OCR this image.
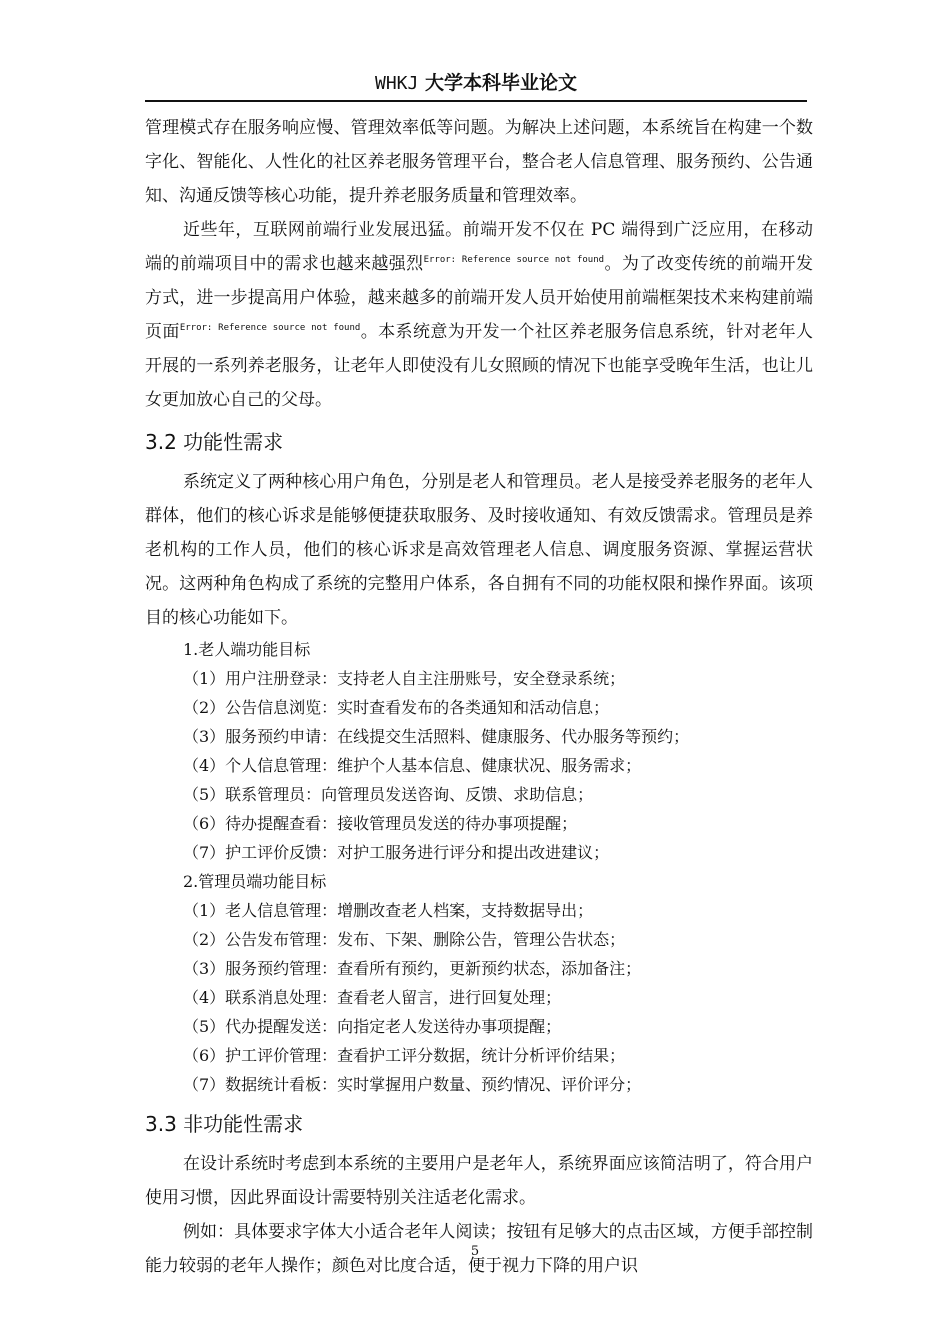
WHKJ 大学本科毕业论文

管理模式存在服务响应慢、管理效率低等问题。为解决上述问题，本系统旨在构建一个数字化、智能化、人性化的社区养老服务管理平台，整合老人信息管理、服务预约、公告通知、沟通反馈等核心功能，提升养老服务质量和管理效率。

近些年，互联网前端行业发展迅猛。前端开发不仅在 PC 端得到广泛应用，在移动端的前端项目中的需求也越来越强烈$^{Error: Reference source not found}$。为了改变传统的前端开发方式，进一步提高用户体验，越来越多的前端开发人员开始使用前端框架技术来构建前端页面$^{Error: Reference source not found}$。本系统意为开发一个社区养老服务信息系统，针对老年人开展的一系列养老服务，让老年人即使没有儿女照顾的情况下也能享受晚年生活，也让儿女更加放心自己的父母。

3.2 功能性需求

系统定义了两种核心用户角色，分别是老人和管理员。老人是接受养老服务的老年人群体，他们的核心诉求是能够便捷获取服务、及时接收通知、有效反馈需求。管理员是养老机构的工作人员，他们的核心诉求是高效管理老人信息、调度服务资源、掌握运营状况。这两种角色构成了系统的完整用户体系，各自拥有不同的功能权限和操作界面。该项目的核心功能如下。

1.老人端功能目标
（1）用户注册登录：支持老人自主注册账号，安全登录系统；
（2）公告信息浏览：实时查看发布的各类通知和活动信息；
（3）服务预约申请：在线提交生活照料、健康服务、代办服务等预约；
（4）个人信息管理：维护个人基本信息、健康状况、服务需求；
（5）联系管理员：向管理员发送咨询、反馈、求助信息；
（6）待办提醒查看：接收管理员发送的待办事项提醒；
（7）护工评价反馈：对护工服务进行评分和提出改进建议；
2.管理员端功能目标
（1）老人信息管理：增删改查老人档案，支持数据导出；
（2）公告发布管理：发布、下架、删除公告，管理公告状态；
（3）服务预约管理：查看所有预约，更新预约状态，添加备注；
（4）联系消息处理：查看老人留言，进行回复处理；
（5）代办提醒发送：向指定老人发送待办事项提醒；
（6）护工评价管理：查看护工评分数据，统计分析评价结果；
（7）数据统计看板：实时掌握用户数量、预约情况、评价评分；
3.3 非功能性需求

在设计系统时考虑到本系统的主要用户是老年人，系统界面应该简洁明了，符合用户使用习惯，因此界面设计需要特别关注适老化需求。

例如：具体要求字体大小适合老年人阅读；按钮有足够大的点击区域，方便手部控制能力较弱的老年人操作；颜色对比度合适，便于视力下降的用户识

5
